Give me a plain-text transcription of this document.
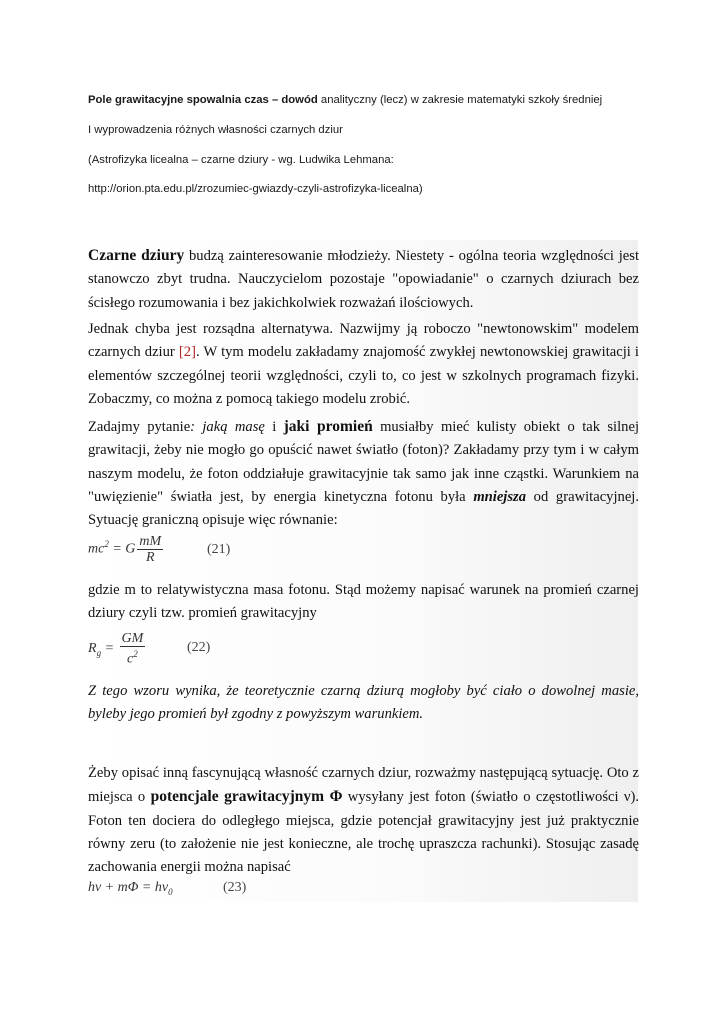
Pole grawitacyjne spowalnia czas – dowód analityczny (lecz) w zakresie matematyki szkoły średniej
I wyprowadzenia różnych własności czarnych dziur
(Astrofizyka licealna – czarne dziury - wg. Ludwika Lehmana:
http://orion.pta.edu.pl/zrozumiec-gwiazdy-czyli-astrofizyka-licealna)
Czarne dziury budzą zainteresowanie młodzieży. Niestety - ogólna teoria względności jest
stanowczo zbyt trudna. Nauczycielom pozostaje "opowiadanie" o czarnych dziurach bez
ścisłego rozumowania i bez jakichkolwiek rozważań ilościowych.
Jednak chyba jest rozsądna alternatywa. Nazwijmy ją roboczo "newtonowskim" modelem
czarnych dziur [2]. W tym modelu zakładamy znajomość zwykłej newtonowskiej grawitacji i
elementów szczególnej teorii względności, czyli to, co jest w szkolnych programach fizyki.
Zobaczmy, co można z pomocą takiego modelu zrobić.
Zadajmy pytanie: jaką masę i jaki promień musiałby mieć kulisty obiekt o tak silnej
grawitacji, żeby nie mogło go opuścić nawet światło (foton)? Zakładamy przy tym i w całym
naszym modelu, że foton oddziałuje grawitacyjnie tak samo jak inne cząstki. Warunkiem na
"uwięzienie" światła jest, by energia kinetyczna fotonu była mniejsza od grawitacyjnej.
Sytuację graniczną opisuje więc równanie:
$mc^2 = G \frac{mM}{R}$	(21)
gdzie m to relatywistyczna masa fotonu. Stąd możemy napisać warunek na promień czarnej
dziury czyli tzw. promień grawitacyjny
$R_g = \frac{GM}{c^2}$	(22)
Z tego wzoru wynika, że teoretycznie czarną dziurą mogłoby być ciało o dowolnej masie,
byleby jego promień był zgodny z powyższym warunkiem.
Żeby opisać inną fascynującą własność czarnych dziur, rozważmy następującą sytuację. Oto z
miejsca o potencjale grawitacyjnym Φ wysyłany jest foton (światło o częstotliwości ν).
Foton ten dociera do odległego miejsca, gdzie potencjał grawitacyjny jest już praktycznie
równy zeru (to założenie nie jest konieczne, ale trochę upraszcza rachunki). Stosując zasadę
zachowania energii można napisać
$h\nu + m\Phi = h\nu_0$	(23)
